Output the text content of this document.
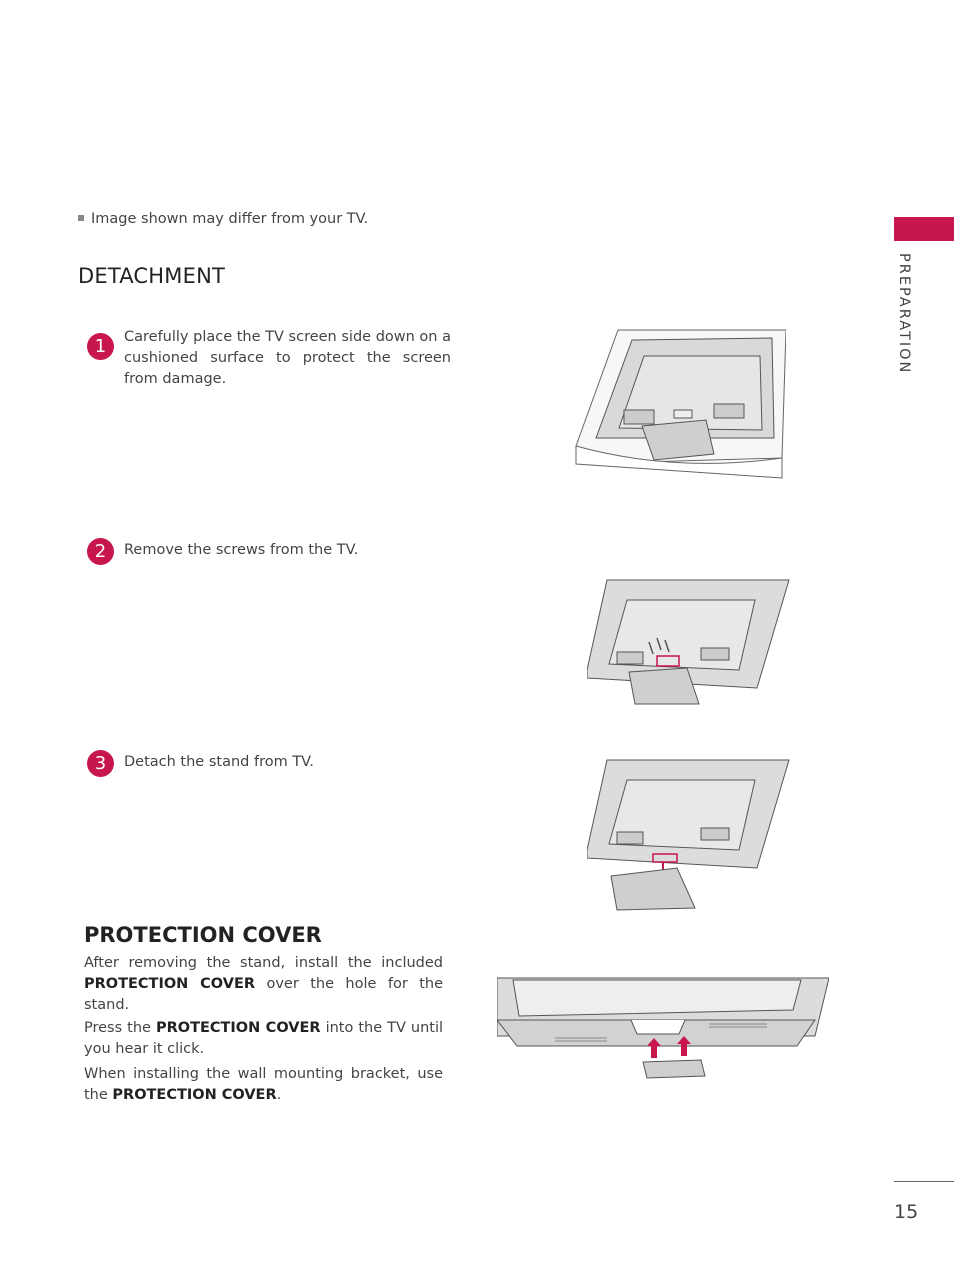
Image shown may differ from your TV.
DETACHMENT
1	Carefully place the TV screen side down on a cushioned surface to protect the screen from damage.
2	Remove the screws from the TV.
3	Detach the stand from TV.
PROTECTION COVER
After removing the stand, install the included PROTECTION COVER over the hole for the stand.
Press the PROTECTION COVER into the TV until you hear it click.
When installing the wall mounting bracket, use the PROTECTION COVER.
PREPARATION
15
